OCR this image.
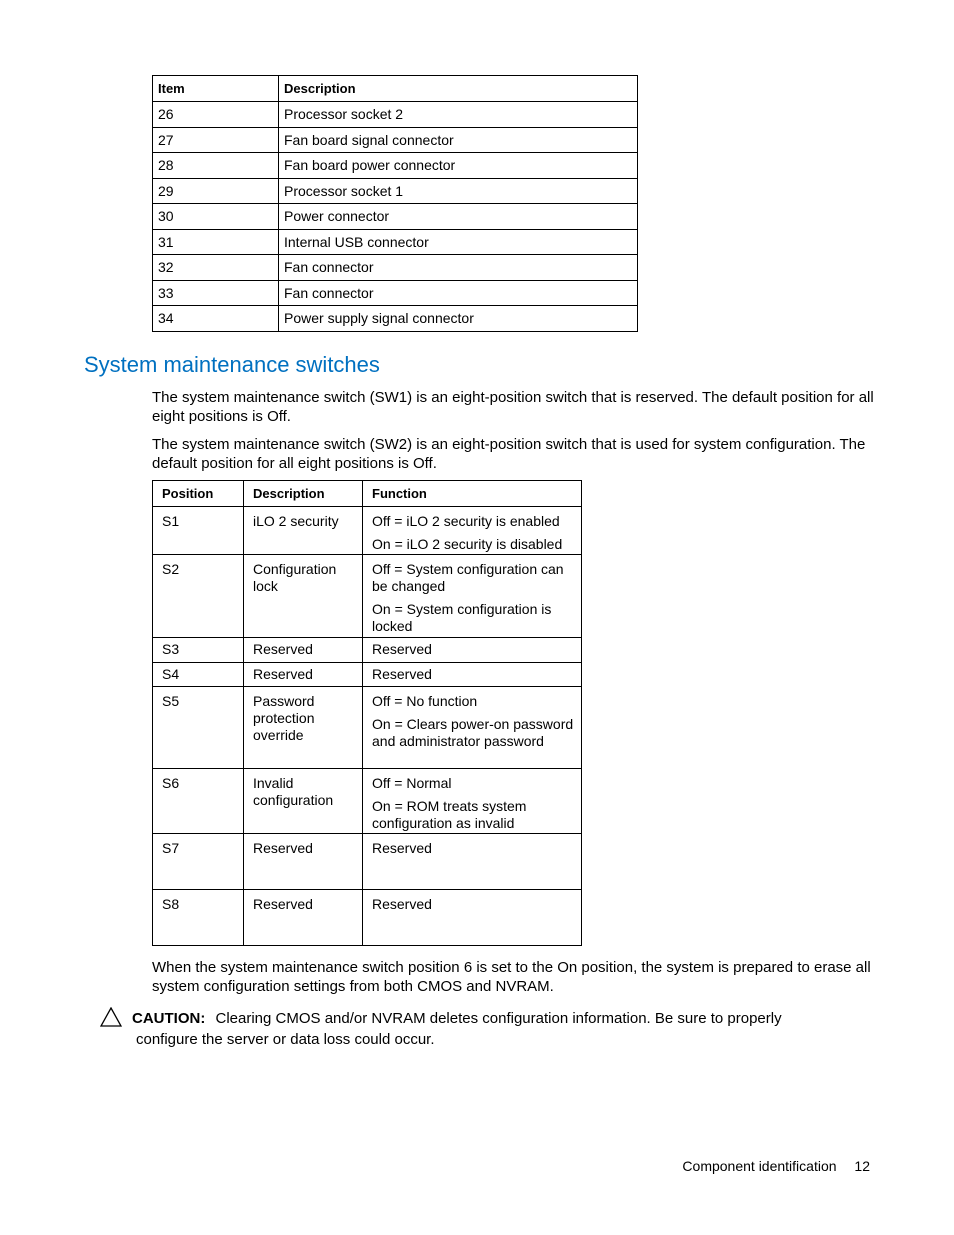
Item	Description
26	Processor socket 2
27	Fan board signal connector
28	Fan board power connector
29	Processor socket 1
30	Power connector
31	Internal USB connector
32	Fan connector
33	Fan connector
34	Power supply signal connector
System maintenance switches

The system maintenance switch (SW1) is an eight-position switch that is reserved. The default position for all eight positions is Off.

The system maintenance switch (SW2) is an eight-position switch that is used for system configuration. The default position for all eight positions is Off.

Position	Description	Function
S1	iLO 2 security	Off = iLO 2 security is enabled
On = iLO 2 security is disabled

S2	Configuration lock	Off = System configuration can be changed
On = System configuration is locked

S3	Reserved	Reserved

S4	Reserved	Reserved

S5	Password protection override	Off = No function
On = Clears power-on password and administrator password

S6	Invalid configuration	Off = Normal
On = ROM treats system configuration as invalid

S7	Reserved	Reserved

S8	Reserved	Reserved

When the system maintenance switch position 6 is set to the On position, the system is prepared to erase all system configuration settings from both CMOS and NVRAM.

CAUTION: Clearing CMOS and/or NVRAM deletes configuration information. Be sure to properly
configure the server or data loss could occur.
Component identification 12
